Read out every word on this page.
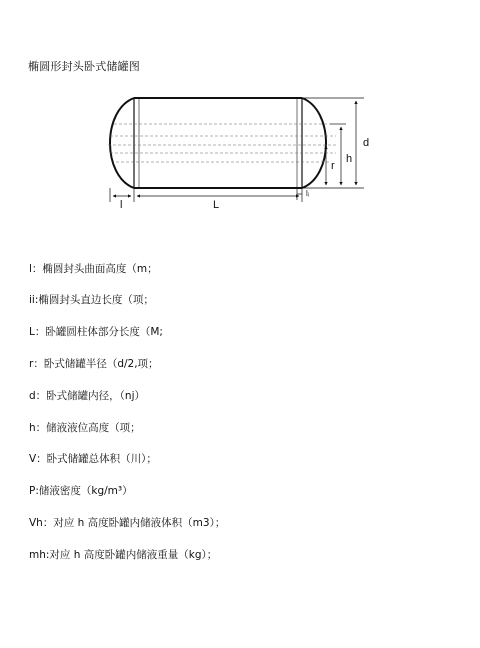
椭圆形封头卧式储罐图
d
h
r
l	L
lᵢ
l：椭圆封头曲面高度（m；
ii:椭圆封头直边长度（项；
L：卧罐圆柱体部分长度（M;
r：卧式储罐半径（d/2,项；
d：卧式储罐内径，（nj）
h：储液液位高度（项；
V：卧式储罐总体积（川）；
P:储液密度（kg/m³）
Vh：对应 h 高度卧罐内储液体积（m3）；
mh:对应 h 高度卧罐内储液重量（kg）；
